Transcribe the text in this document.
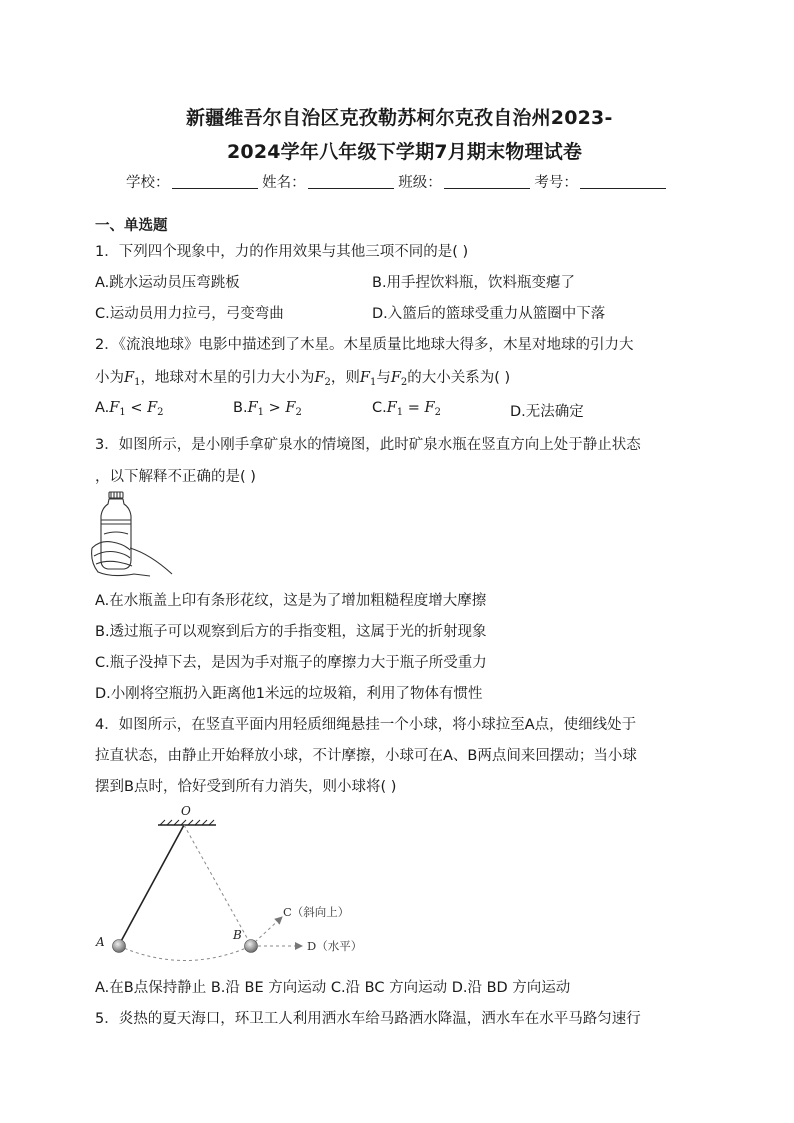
新疆维吾尔自治区克孜勒苏柯尔克孜自治州2023-
2024学年八年级下学期7月期末物理试卷
学校：	姓名：	班级：	考号：
一、单选题
1．下列四个现象中，力的作用效果与其他三项不同的是( )
A.跳水运动员压弯跳板	B.用手捏饮料瓶，饮料瓶变瘪了
C.运动员用力拉弓，弓变弯曲	D.入篮后的篮球受重力从篮圈中下落
2．《流浪地球》电影中描述到了木星。木星质量比地球大得多，木星对地球的引力大
小为$F_1$，地球对木星的引力大小为$F_2$，则$F_1$与$F_2$的大小关系为( )
$A.F_1 < F_2$	$B.F_1 > F_2$	$C.F_1 = F_2$	D.无法确定
3．如图所示，是小刚手拿矿泉水的情境图，此时矿泉水瓶在竖直方向上处于静止状态
，以下解释不正确的是( )
A.在水瓶盖上印有条形花纹，这是为了增加粗糙程度增大摩擦
B.透过瓶子可以观察到后方的手指变粗，这属于光的折射现象
C.瓶子没掉下去，是因为手对瓶子的摩擦力大于瓶子所受重力
D.小刚将空瓶扔入距离他1米远的垃圾箱，利用了物体有惯性
4．如图所示，在竖直平面内用轻质细绳悬挂一个小球，将小球拉至A点，使细线处于
拉直状态，由静止开始释放小球，不计摩擦，小球可在A、B两点间来回摆动；当小球
摆到B点时，恰好受到所有力消失，则小球将( )
O
A	B
C（斜向上）
D（水平）
A.在B点保持静止 B.沿 BE 方向运动 C.沿 BC 方向运动 D.沿 BD 方向运动
5．炎热的夏天海口，环卫工人利用洒水车给马路洒水降温，洒水车在水平马路匀速行
